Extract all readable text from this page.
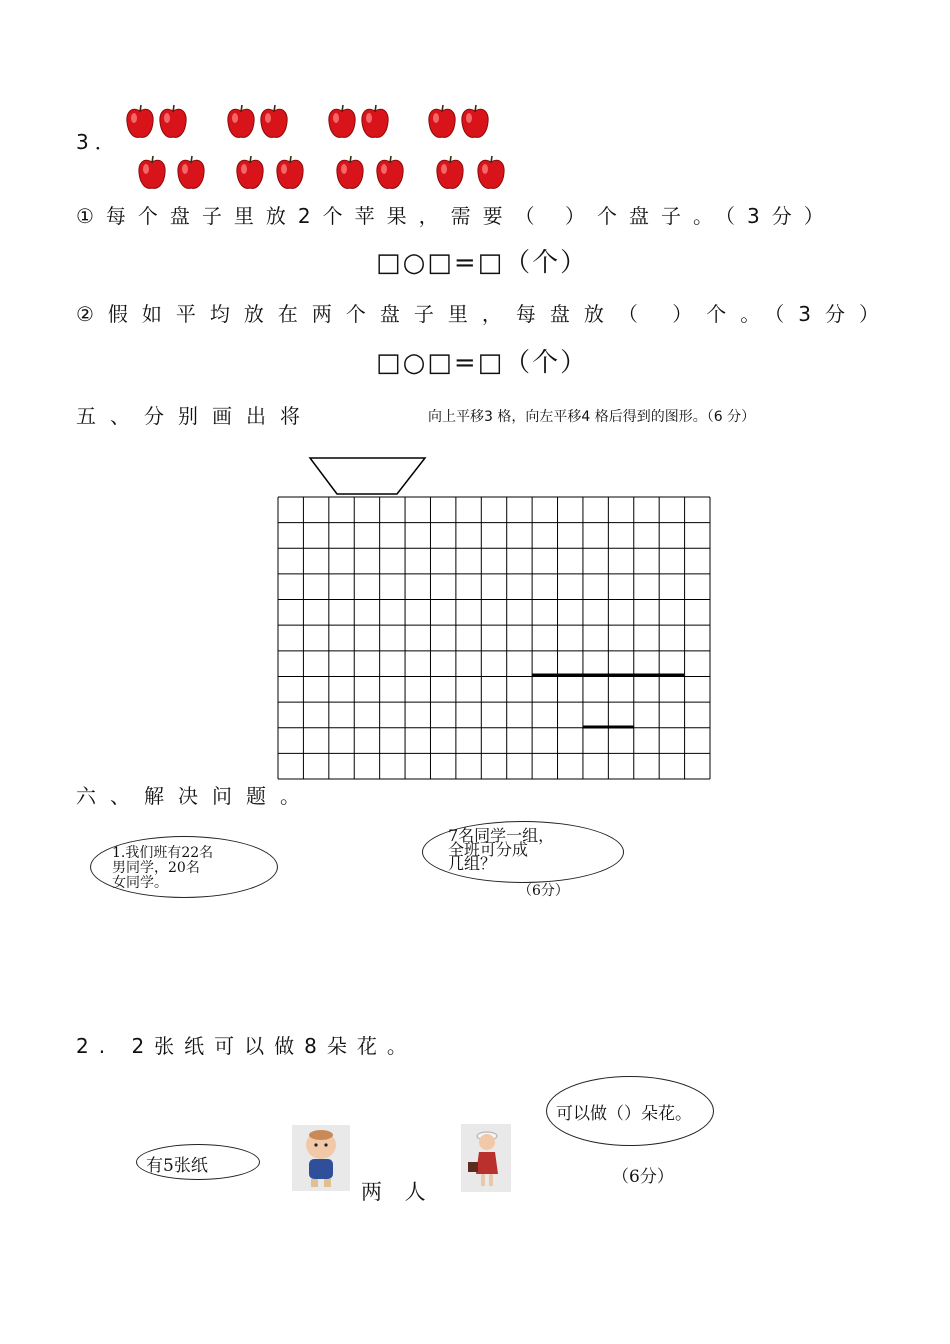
3．
①每个盘子里放2个苹果，需要（ ）个盘子。（3分）
□○□=□（个）
②假如平均放在两个盘子里，每盘放（ ）个。（3分）
□○□=□（个）
五、分别画出将	向上平移3 格，向左平移4 格后得到的图形。（6 分）
六、解决问题。
1.我们班有22名
男同学，20名
女同学。
7名同学一组，
全班可分成
几组？
（6分）
2. 2张纸可以做8朵花。
可以做（）朵花。
（6分）
有5张纸
两 人
